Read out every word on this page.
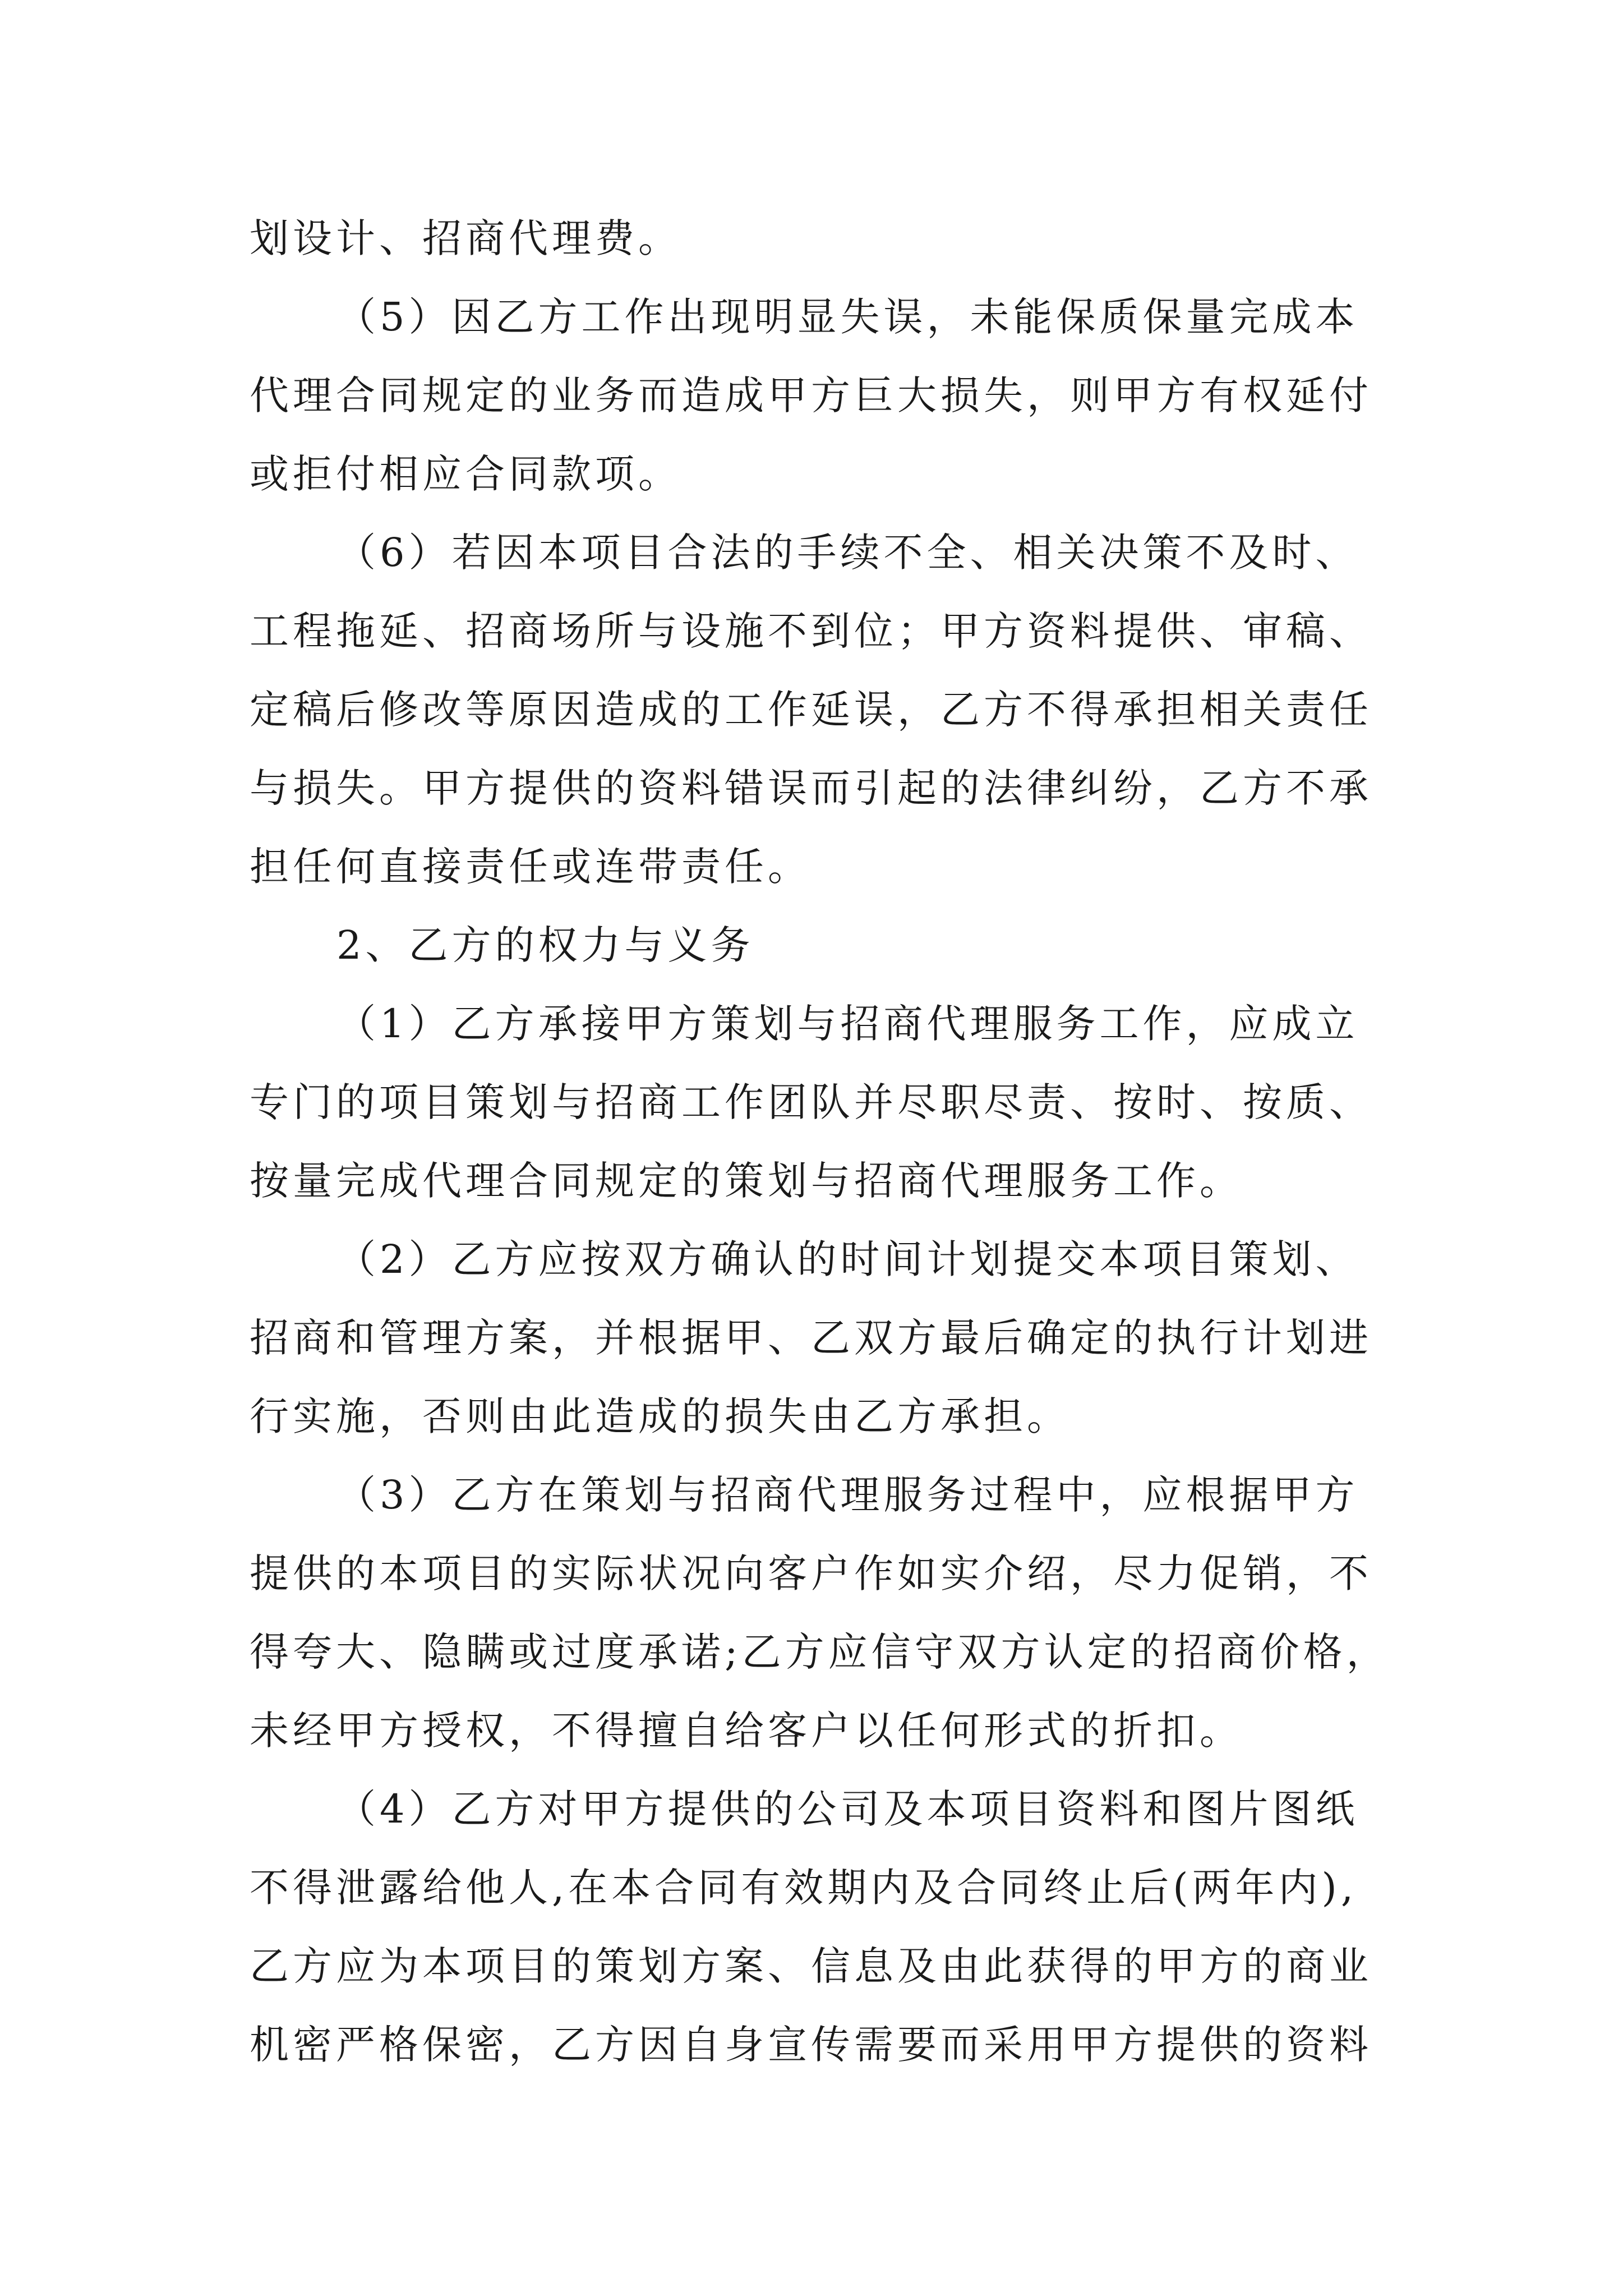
划设计、招商代理费。
（5）因乙方工作出现明显失误，未能保质保量完成本
代理合同规定的业务而造成甲方巨大损失，则甲方有权延付
或拒付相应合同款项。
（6）若因本项目合法的手续不全、相关决策不及时、
工程拖延、招商场所与设施不到位；甲方资料提供、审稿、
定稿后修改等原因造成的工作延误，乙方不得承担相关责任
与损失。甲方提供的资料错误而引起的法律纠纷，乙方不承
担任何直接责任或连带责任。
2、乙方的权力与义务
（1）乙方承接甲方策划与招商代理服务工作，应成立
专门的项目策划与招商工作团队并尽职尽责、按时、按质、
按量完成代理合同规定的策划与招商代理服务工作。
（2）乙方应按双方确认的时间计划提交本项目策划、
招商和管理方案，并根据甲、乙双方最后确定的执行计划进
行实施，否则由此造成的损失由乙方承担。
（3）乙方在策划与招商代理服务过程中，应根据甲方
提供的本项目的实际状况向客户作如实介绍，尽力促销，不
得夸大、隐瞒或过度承诺;乙方应信守双方认定的招商价格，
未经甲方授权，不得擅自给客户以任何形式的折扣。
（4）乙方对甲方提供的公司及本项目资料和图片图纸
不得泄露给他人,在本合同有效期内及合同终止后(两年内),
乙方应为本项目的策划方案、信息及由此获得的甲方的商业
机密严格保密，乙方因自身宣传需要而采用甲方提供的资料
